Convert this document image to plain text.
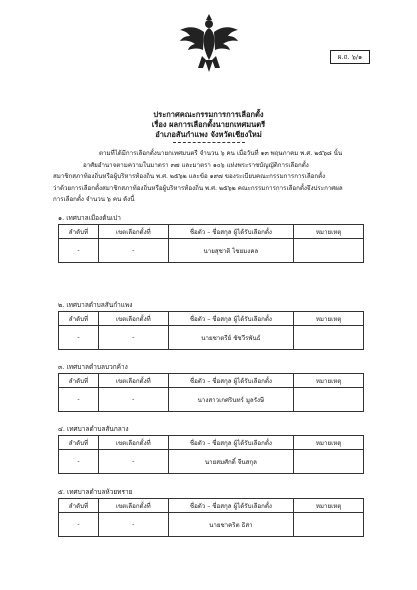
ผ.ถ. ๖/๑
ประกาศคณะกรรมการการเลือกตั้ง
เรื่อง ผลการเลือกตั้งนายกเทศมนตรี
อำเภอสันกำแพง จังหวัดเชียงใหม่
ตามที่ได้มีการเลือกตั้งนายกเทศมนตรี จำนวน ๖ คน เมื่อวันที่ ๑๓ พฤษภาคม พ.ศ. ๒๕๖๘ นั้น
อาศัยอำนาจตามความในมาตรา ๓๗ และมาตรา ๑๐๖ แห่งพระราชบัญญัติการเลือกตั้ง
สมาชิกสภาท้องถิ่นหรือผู้บริหารท้องถิ่น พ.ศ. ๒๕๖๒ และข้อ ๑๙๗ ของระเบียบคณะกรรมการการเลือกตั้ง
ว่าด้วยการเลือกตั้งสมาชิกสภาท้องถิ่นหรือผู้บริหารท้องถิ่น พ.ศ. ๒๕๖๒ คณะกรรมการการเลือกตั้งจึงประกาศผล
การเลือกตั้ง จำนวน ๖ คน ดังนี้
๑. เทศบาลเมืองต้นเปา
ลำดับที่	เขตเลือกตั้งที่	ชื่อตัว – ชื่อสกุล ผู้ได้รับเลือกตั้ง	หมายเหตุ
-	-	นายสุชาติ ไชยมงคล	
๒. เทศบาลตำบลสันกำแพง
ลำดับที่	เขตเลือกตั้งที่	ชื่อตัว – ชื่อสกุล ผู้ได้รับเลือกตั้ง	หมายเหตุ
-	-	นายชาตรีย์ ชัชวีรพันธ์	
๓. เทศบาลตำบลบวกค้าง
ลำดับที่	เขตเลือกตั้งที่	ชื่อตัว – ชื่อสกุล ผู้ได้รับเลือกตั้ง	หมายเหตุ
-	-	นางสาวเกศรินทร์ มูลรังษี	
๔. เทศบาลตำบลสันกลาง
ลำดับที่	เขตเลือกตั้งที่	ชื่อตัว – ชื่อสกุล ผู้ได้รับเลือกตั้ง	หมายเหตุ
-	-	นายสมศักดิ์ จีนสกุล	
๕. เทศบาลตำบลห้วยทราย
ลำดับที่	เขตเลือกตั้งที่	ชื่อตัว – ชื่อสกุล ผู้ได้รับเลือกตั้ง	หมายเหตุ
-	-	นายชาคริต ธิสา	
